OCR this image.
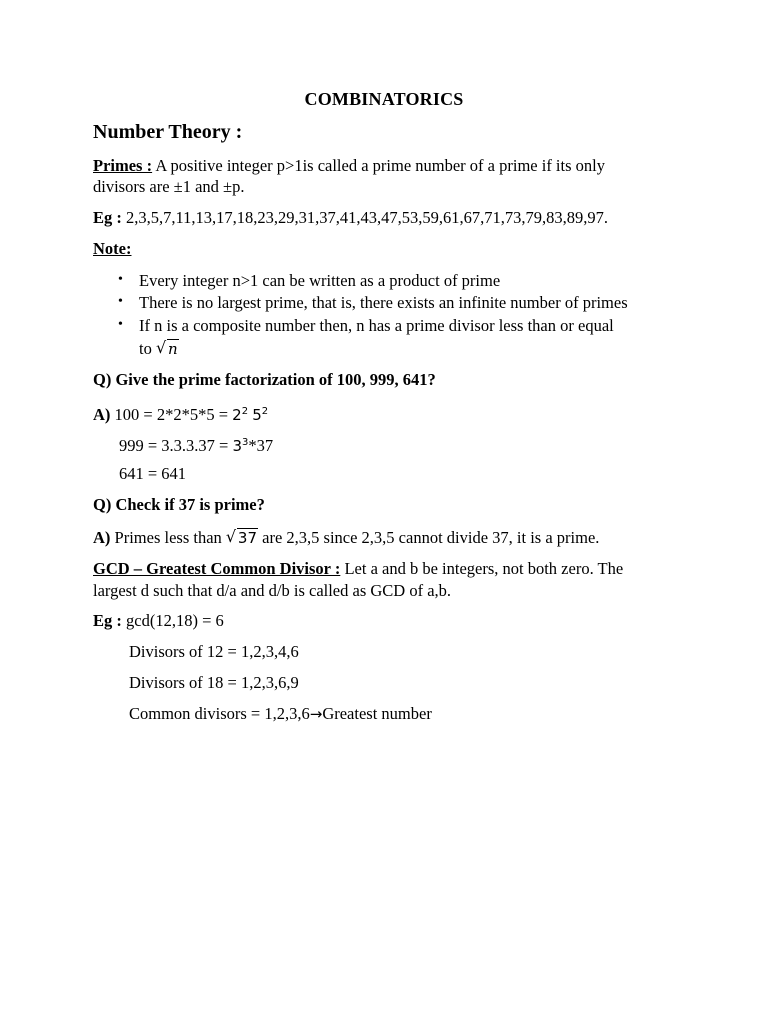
COMBINATORICS
Number Theory :
Primes : A positive integer p>1is called a prime number of a prime if its only
divisors are ±1 and ±p.
Eg : 2,3,5,7,11,13,17,18,23,29,31,37,41,43,47,53,59,61,67,71,73,79,83,89,97.
Note:
• Every integer n>1 can be written as a product of prime
• There is no largest prime, that is, there exists an infinite number of primes
• If n is a composite number then, n has a prime divisor less than or equal
to √ n
Q) Give the prime factorization of 100, 999, 641?
A) $100 = 2*2*5*5 = 2^2$ $5^2$
$999 = 3.3.3.37 = 3^3*37$
641 = 641
Q) Check if 37 is prime?
A) Primes less than √ 37 are 2,3,5 since 2,3,5 cannot divide 37, it is a prime.
GCD – Greatest Common Divisor : Let a and b be integers, not both zero. The
largest d such that d/a and d/b is called as GCD of a,b.
Eg : gcd(12,18) = 6
Divisors of 12 = 1,2,3,4,6
Divisors of 18 = 1,2,3,6,9
Common divisors = 1,2,3,6→Greatest number
